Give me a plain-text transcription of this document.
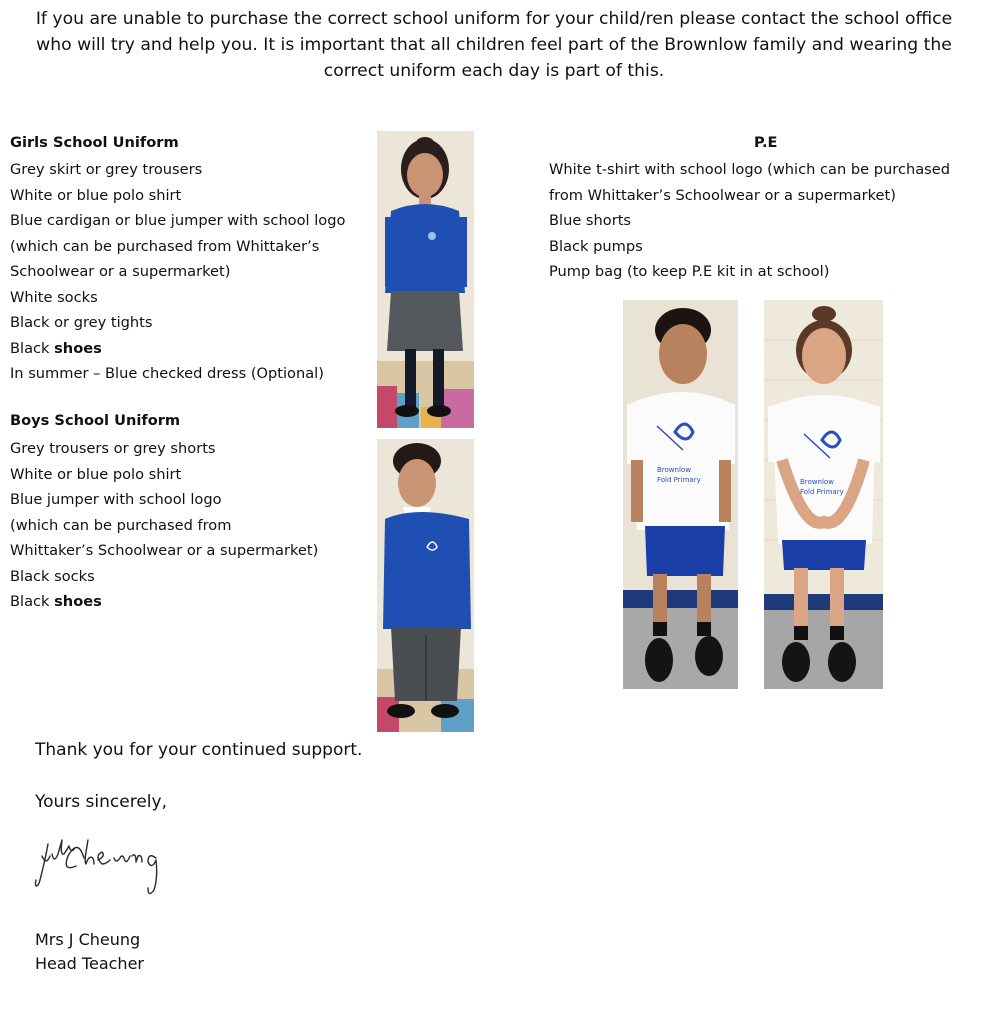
If you are unable to purchase the correct school uniform for your child/ren please contact the school office who will try and help you. It is important that all children feel part of the Brownlow family and wearing the correct uniform each day is part of this.

Girls School Uniform

Grey skirt or grey trousers
White or blue polo shirt
Blue cardigan or blue jumper with school logo
(which can be purchased from Whittaker’s
Schoolwear or a supermarket)
White socks
Black or grey tights
Black shoes
In summer – Blue checked dress (Optional)

Boys School Uniform

Grey trousers or grey shorts
White or blue polo shirt
Blue jumper with school logo
(which can be purchased from
Whittaker’s Schoolwear or a supermarket)
Black socks
Black shoes

P.E

White t-shirt with school logo (which can be purchased
from Whittaker’s Schoolwear or a supermarket)
Blue shorts
Black pumps
Pump bag (to keep P.E kit in at school)
Brownlow
Fold Primary	Brownlow
Fold Primary

Thank you for your continued support.

Yours sincerely,

Mrs J Cheung
Head Teacher
